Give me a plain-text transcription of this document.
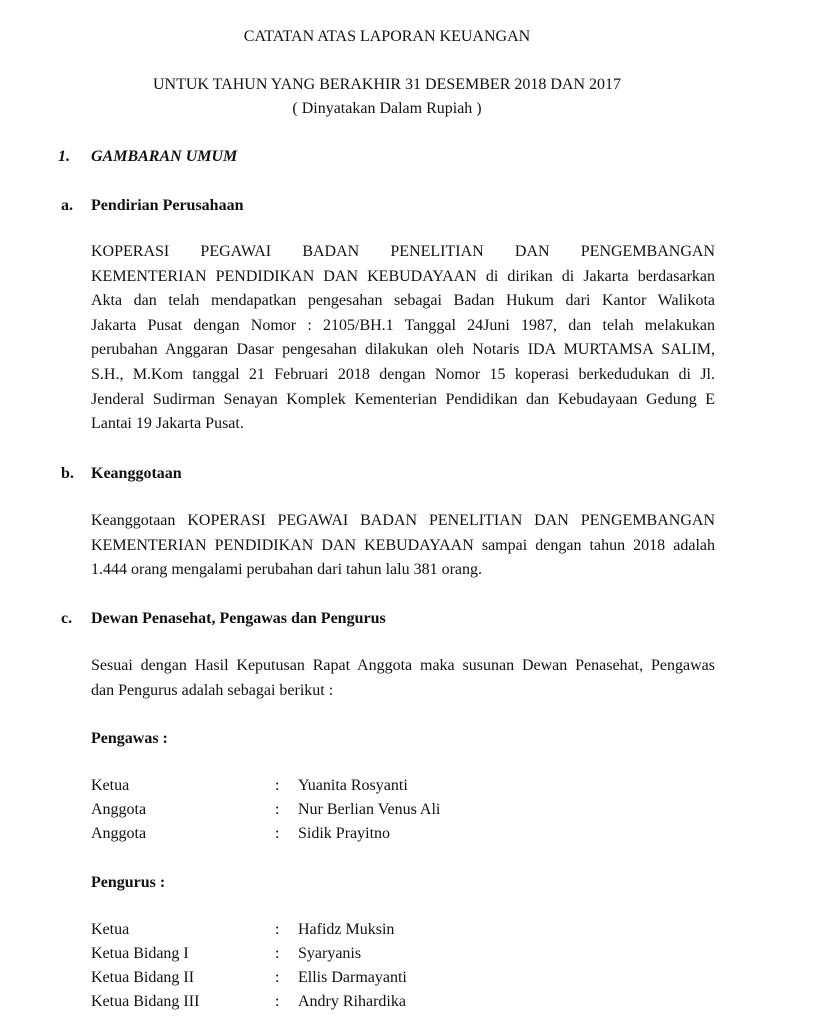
CATATAN ATAS LAPORAN KEUANGAN
UNTUK TAHUN YANG BERAKHIR 31 DESEMBER 2018 DAN 2017
( Dinyatakan Dalam Rupiah )
1. GAMBARAN UMUM
a. Pendirian Perusahaan
KOPERASI PEGAWAI BADAN PENELITIAN DAN PENGEMBANGAN
KEMENTERIAN PENDIDIKAN DAN KEBUDAYAAN di dirikan di Jakarta berdasarkan
Akta dan telah mendapatkan pengesahan sebagai Badan Hukum dari Kantor Walikota
Jakarta Pusat dengan Nomor : 2105/BH.1 Tanggal 24Juni 1987, dan telah melakukan
perubahan Anggaran Dasar pengesahan dilakukan oleh Notaris IDA MURTAMSA SALIM,
S.H., M.Kom tanggal 21 Februari 2018 dengan Nomor 15 koperasi berkedudukan di Jl.
Jenderal Sudirman Senayan Komplek Kementerian Pendidikan dan Kebudayaan Gedung E
Lantai 19 Jakarta Pusat.
b. Keanggotaan
Keanggotaan KOPERASI PEGAWAI BADAN PENELITIAN DAN PENGEMBANGAN
KEMENTERIAN PENDIDIKAN DAN KEBUDAYAAN sampai dengan tahun 2018 adalah
1.444 orang mengalami perubahan dari tahun lalu 381 orang.
c. Dewan Penasehat, Pengawas dan Pengurus
Sesuai dengan Hasil Keputusan Rapat Anggota maka susunan Dewan Penasehat, Pengawas
dan Pengurus adalah sebagai berikut :
Pengawas :
Ketua	: Yuanita Rosyanti
Anggota	: Nur Berlian Venus Ali
Anggota	: Sidik Prayitno
Pengurus :
Ketua	: Hafidz Muksin
Ketua Bidang I	: Syaryanis
Ketua Bidang II	: Ellis Darmayanti
Ketua Bidang III	: Andry Rihardika
